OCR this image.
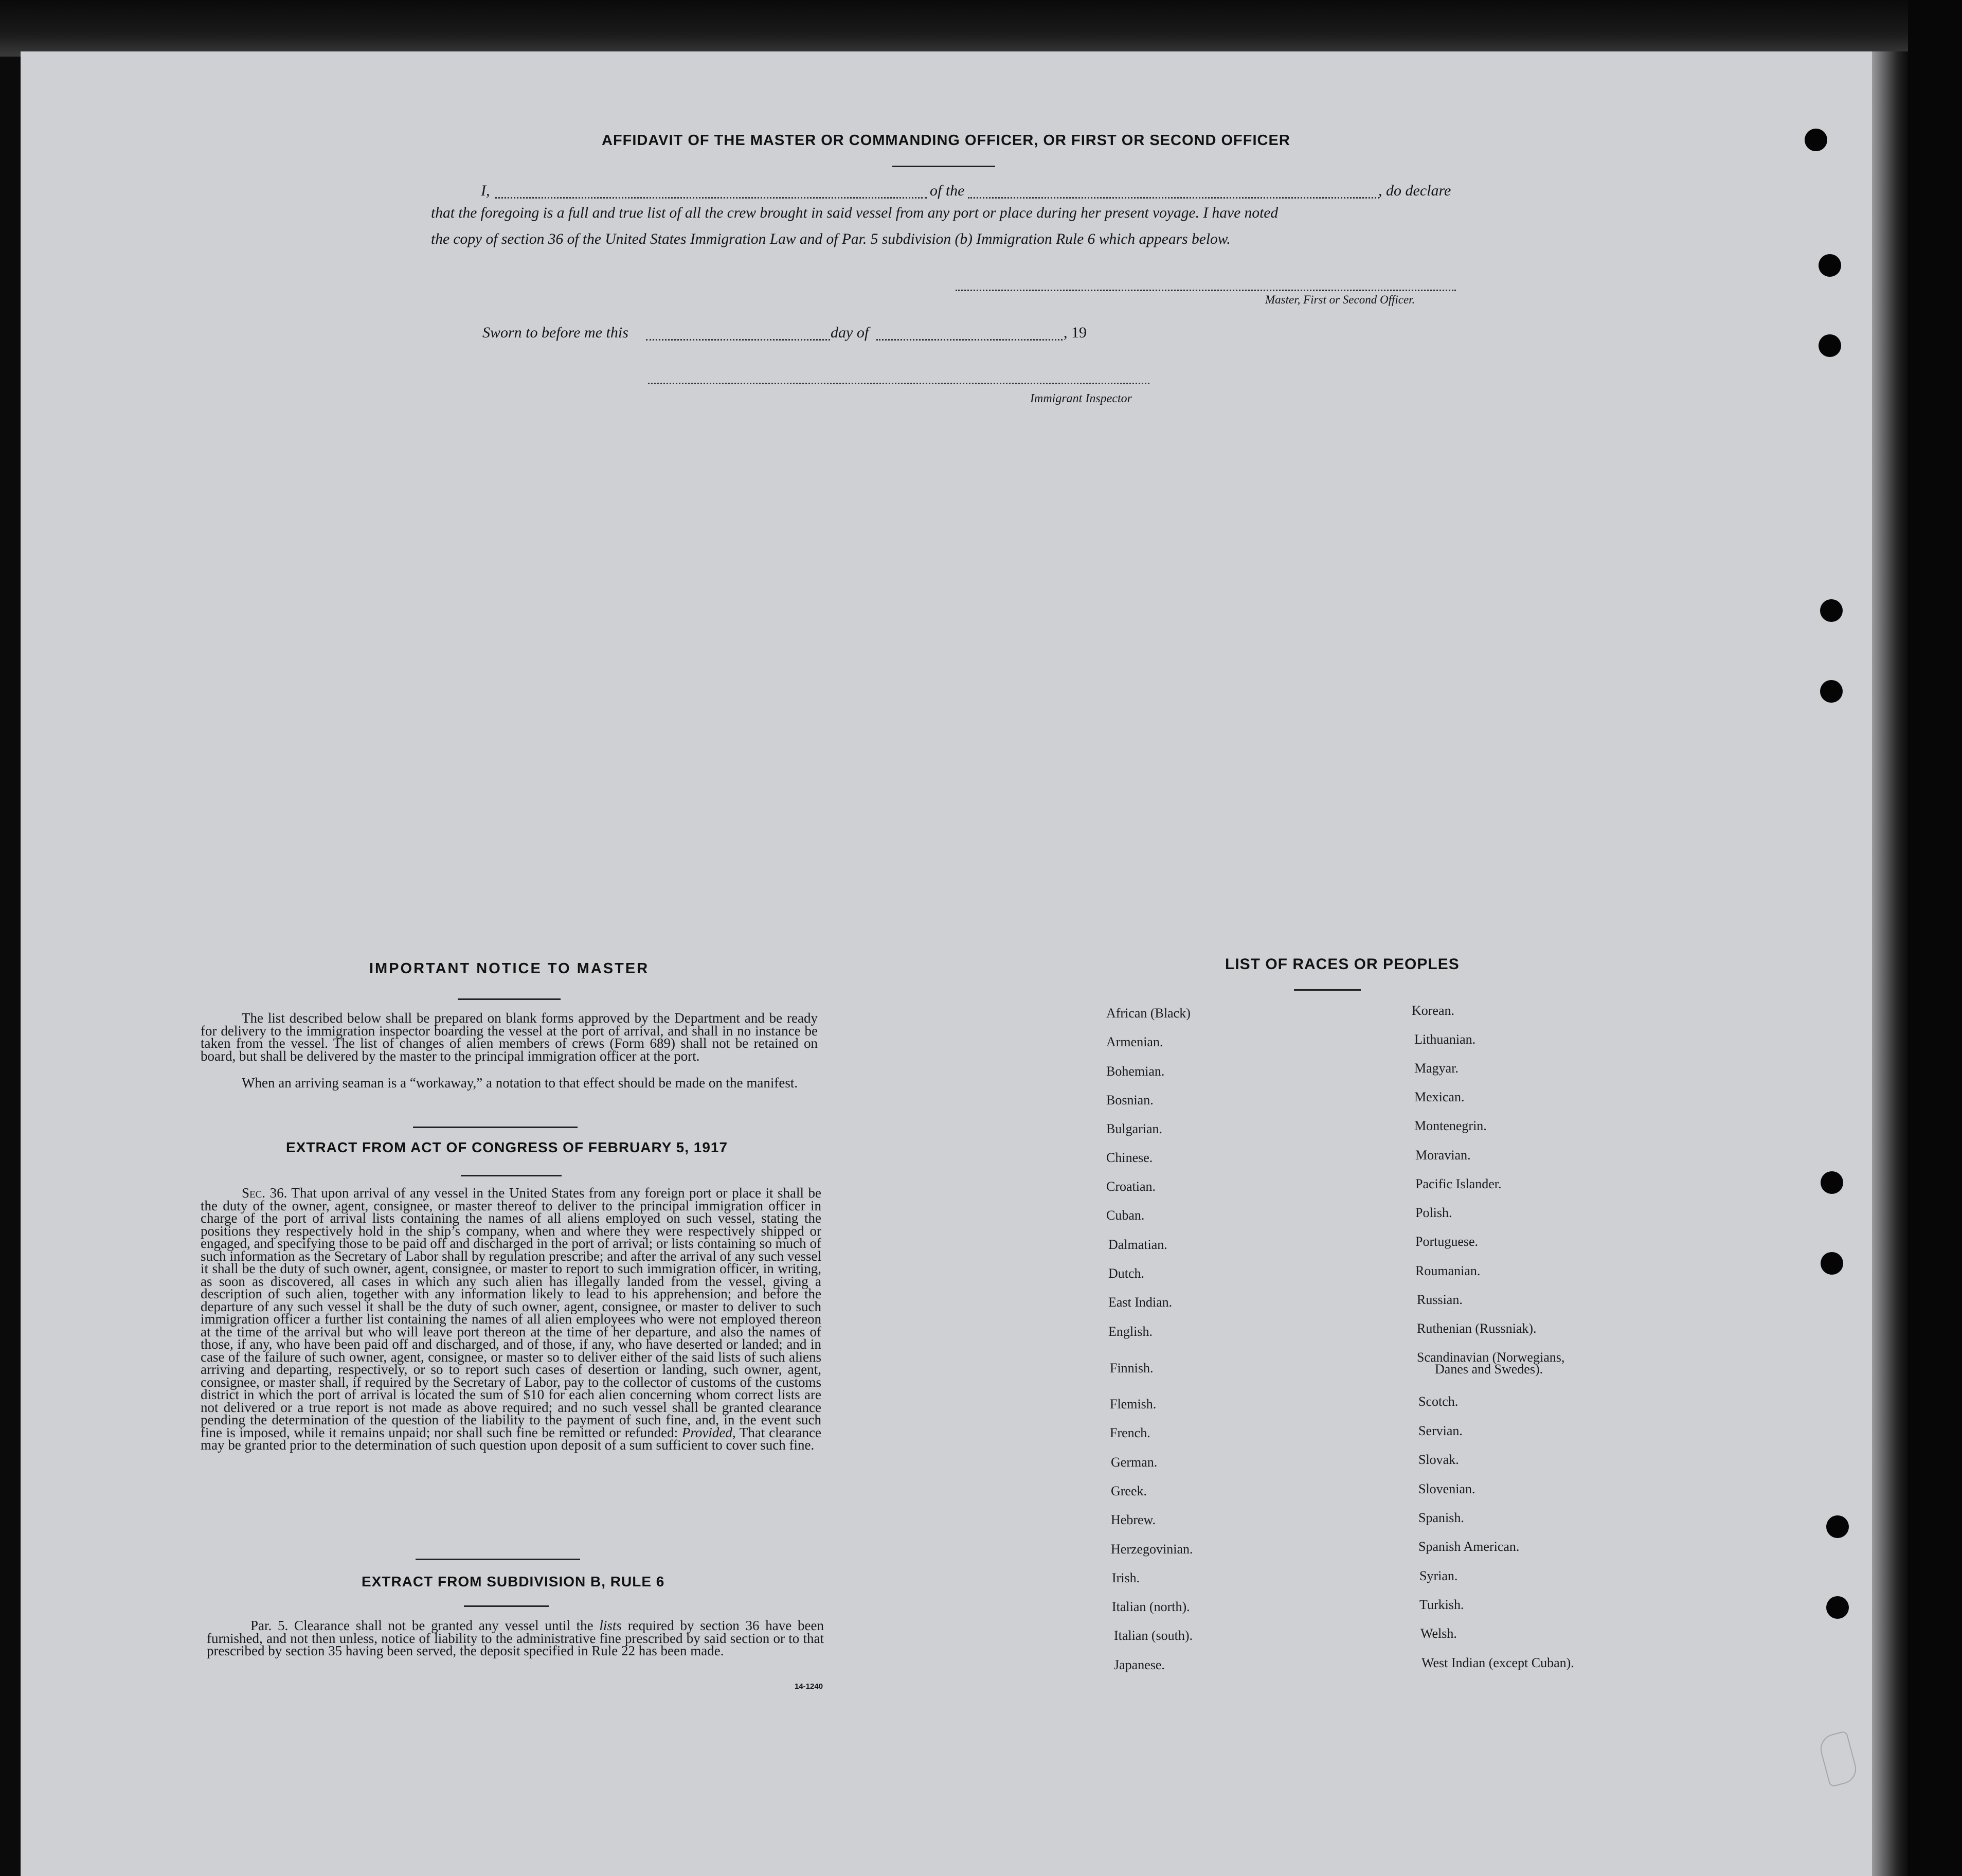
AFFIDAVIT OF THE MASTER OR COMMANDING OFFICER, OR FIRST OR SECOND OFFICER
I,	of the	, do declare
that the foregoing is a full and true list of all the crew brought in said vessel from any port or place during her present voyage. I have noted
the copy of section 36 of the United States Immigration Law and of Par. 5 subdivision (b) Immigration Rule 6 which appears below.
Master, First or Second Officer.
Sworn to before me this	day of	, 19
Immigrant Inspector
IMPORTANT NOTICE TO MASTER
The list described below shall be prepared on blank forms approved by the Department and be ready for delivery to the immigration inspector boarding the vessel at the port of arrival, and shall in no instance be taken from the vessel. The list of changes of alien members of crews (Form 689) shall not be retained on board, but shall be delivered by the master to the principal immigration officer at the port.
When an arriving seaman is a “workaway,” a notation to that effect should be made on the manifest.
EXTRACT FROM ACT OF CONGRESS OF FEBRUARY 5, 1917
Sec. 36. That upon arrival of any vessel in the United States from any foreign port or place it shall be the duty of the owner, agent, consignee, or master thereof to deliver to the principal immigration officer in charge of the port of arrival lists containing the names of all aliens employed on such vessel, stating the positions they respectively hold in the ship’s company, when and where they were respectively shipped or engaged, and specifying those to be paid off and discharged in the port of arrival; or lists containing so much of such information as the Secretary of Labor shall by regulation prescribe; and after the arrival of any such vessel it shall be the duty of such owner, agent, consignee, or master to report to such immigration officer, in writing, as soon as discovered, all cases in which any such alien has illegally landed from the vessel, giving a description of such alien, together with any information likely to lead to his apprehension; and before the departure of any such vessel it shall be the duty of such owner, agent, consignee, or master to deliver to such immigration officer a further list containing the names of all alien employees who were not employed thereon at the time of the arrival but who will leave port thereon at the time of her departure, and also the names of those, if any, who have been paid off and discharged, and of those, if any, who have deserted or landed; and in case of the failure of such owner, agent, consignee, or master so to deliver either of the said lists of such aliens arriving and departing, respectively, or so to report such cases of desertion or landing, such owner, agent, consignee, or master shall, if required by the Secretary of Labor, pay to the collector of customs of the customs district in which the port of arrival is located the sum of $10 for each alien concerning whom correct lists are not delivered or a true report is not made as above required; and no such vessel shall be granted clearance pending the determination of the question of the liability to the payment of such fine, and, in the event such fine is imposed, while it remains unpaid; nor shall such fine be remitted or refunded: Provided, That clearance may be granted prior to the determination of such question upon deposit of a sum sufficient to cover such fine.
EXTRACT FROM SUBDIVISION B, RULE 6
Par. 5. Clearance shall not be granted any vessel until the lists required by section 36 have been furnished, and not then unless, notice of liability to the administrative fine prescribed by said section or to that prescribed by section 35 having been served, the deposit specified in Rule 22 has been made.
14-1240
LIST OF RACES OR PEOPLES
African (Black)
Armenian.
Bohemian.
Bosnian.
Bulgarian.
Chinese.
Croatian.
Cuban.
Dalmatian.
Dutch.
East Indian.
English.
Finnish.
Flemish.
French.
German.
Greek.
Hebrew.
Herzegovinian.
Irish.
Italian (north).
Italian (south).
Japanese.
Korean.
Lithuanian.
Magyar.
Mexican.
Montenegrin.
Moravian.
Pacific Islander.
Polish.
Portuguese.
Roumanian.
Russian.
Ruthenian (Russniak).
Scandinavian (Norwegians,
Scotch.
Servian.
Slovak.
Slovenian.
Spanish.
Spanish American.
Syrian.
Turkish.
Welsh.
West Indian (except Cuban).
Danes and Swedes).
